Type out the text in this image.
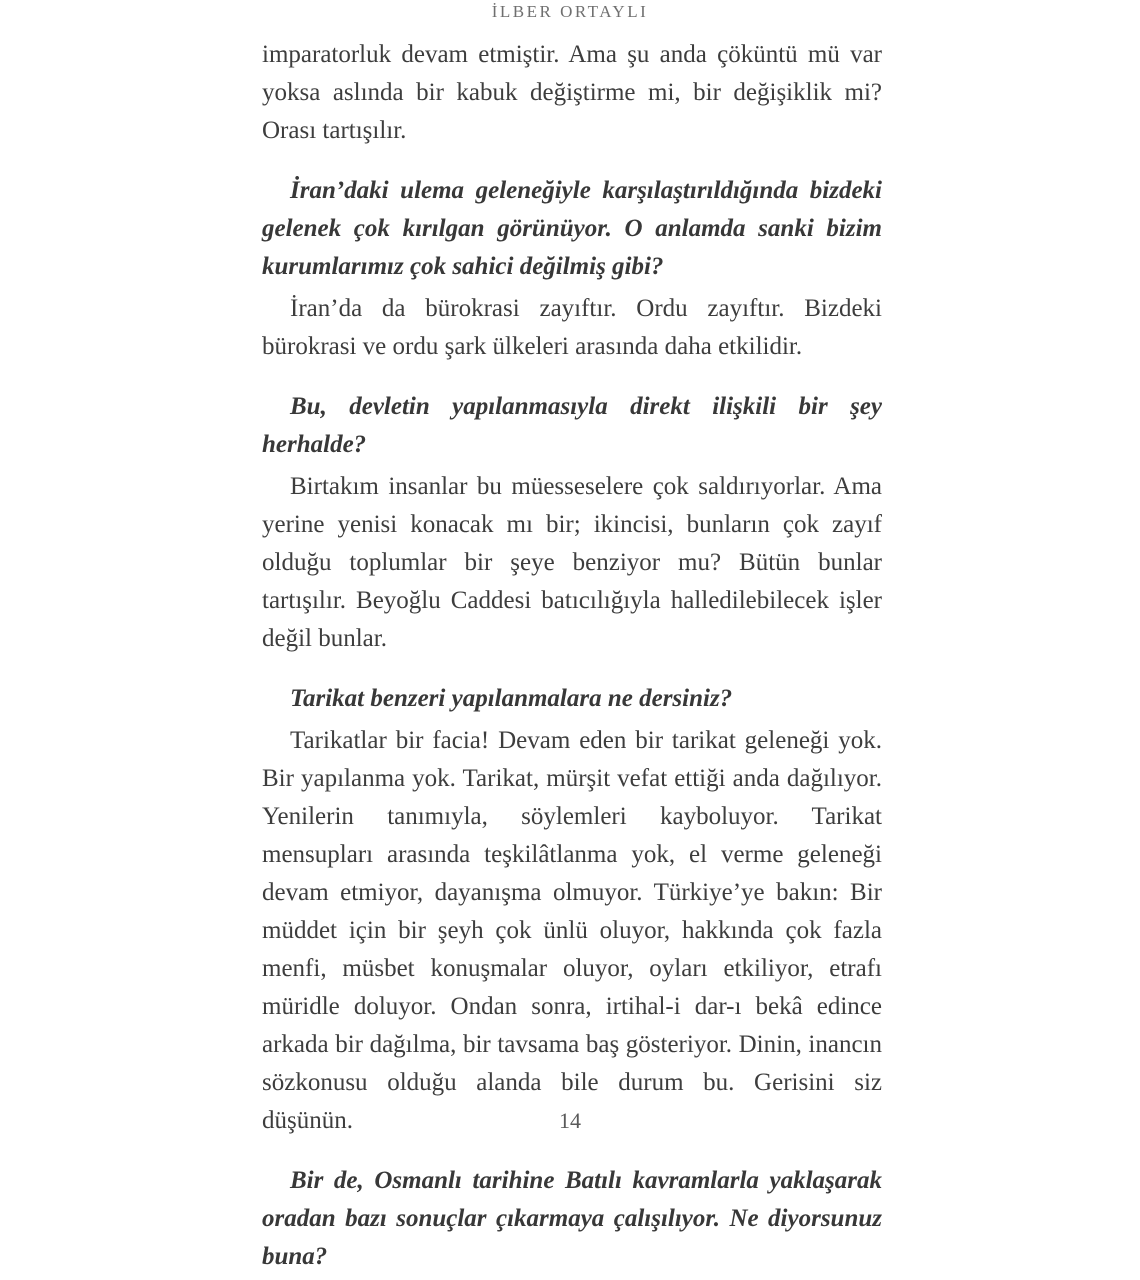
İLBER ORTAYLI

imparatorluk devam etmiştir. Ama şu anda çöküntü mü var yoksa aslında bir kabuk değiştirme mi, bir değişiklik mi? Orası tartışılır.

İran’daki ulema geleneğiyle karşılaştırıldığında bizdeki gelenek çok kırılgan görünüyor. O anlamda sanki bizim kurumlarımız çok sahici değilmiş gibi?

İran’da da bürokrasi zayıftır. Ordu zayıftır. Bizdeki bürokrasi ve ordu şark ülkeleri arasında daha etkilidir.

Bu, devletin yapılanmasıyla direkt ilişkili bir şey herhalde?

Birtakım insanlar bu müesseselere çok saldırıyorlar. Ama yerine yenisi konacak mı bir; ikincisi, bunların çok zayıf olduğu toplumlar bir şeye benziyor mu? Bütün bunlar tartışılır. Beyoğlu Caddesi batıcılığıyla halledilebilecek işler değil bunlar.

Tarikat benzeri yapılanmalara ne dersiniz?

Tarikatlar bir facia! Devam eden bir tarikat geleneği yok. Bir yapılanma yok. Tarikat, mürşit vefat ettiği anda dağılıyor. Yenilerin tanımıyla, söylemleri kayboluyor. Tarikat mensupları arasında teşkilâtlanma yok, el verme geleneği devam etmiyor, dayanışma olmuyor. Türkiye’ye bakın: Bir müddet için bir şeyh çok ünlü oluyor, hakkında çok fazla menfi, müsbet konuşmalar oluyor, oyları etkiliyor, etrafı müridle doluyor. Ondan sonra, irtihal-i dar-ı bekâ edince arkada bir dağılma, bir tavsama baş gösteriyor. Dinin, inancın sözkonusu olduğu alanda bile durum bu. Gerisini siz düşünün.

Bir de, Osmanlı tarihine Batılı kavramlarla yaklaşarak oradan bazı sonuçlar çıkarmaya çalışılıyor. Ne diyorsunuz buna?

14
